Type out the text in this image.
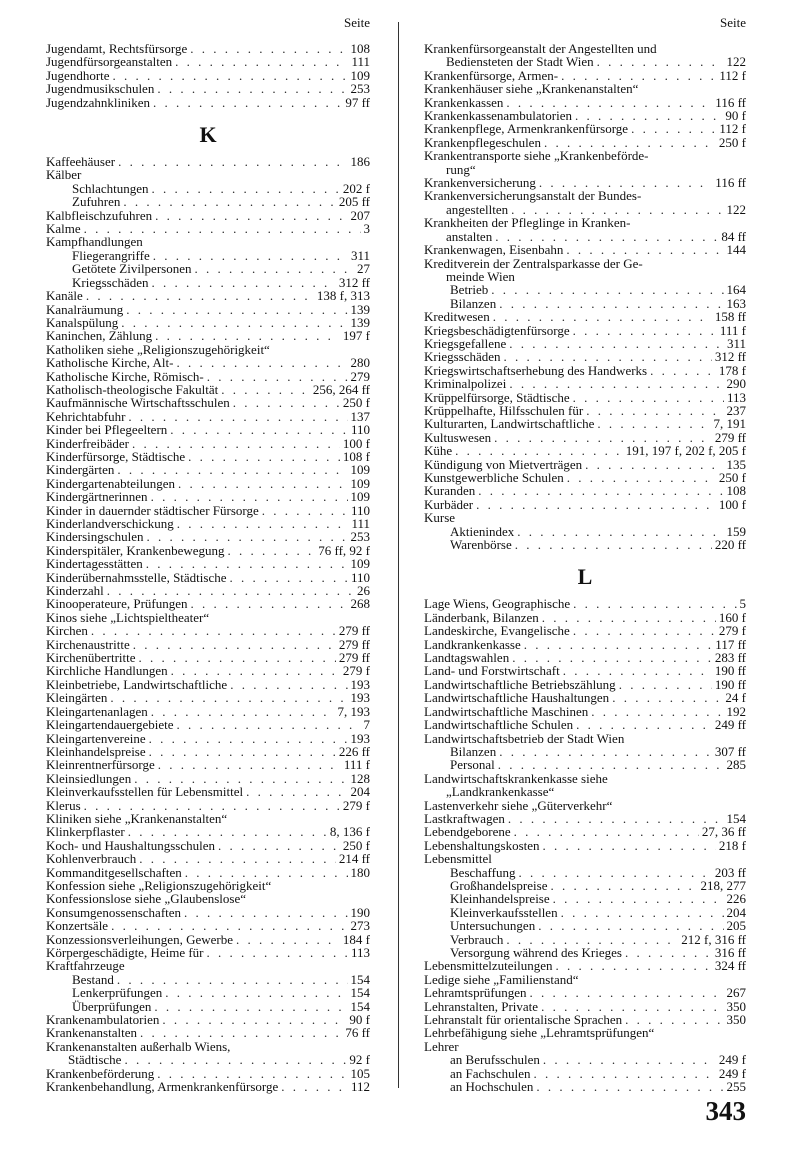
Seite
Jugendamt, Rechtsfürsorge . . .	108
Jugendfürsorgeanstalten . . .	111
Jugendhorte . . .	109
Jugendmusikschulen . . .	253
Jugendzahnkliniken . . .	97 ff
K
Kaffeehäuser . . .	186
Kälber
Schlachtungen . . .	202 f
Zufuhren . . .	205 ff
Kalbfleischzufuhren . . .	207
Kalme . . .	3
Kampfhandlungen
Fliegerangriffe . . .	311
Getötete Zivilpersonen . . .	27
Kriegsschäden . . .	312 ff
Kanäle . . .	138 f, 313
Kanalräumung . . .	139
Kanalspülung . . .	139
Kaninchen, Zählung . . .	197 f
Katholiken siehe „Religionszugehörigkeit“
Katholische Kirche, Alt- . . .	280
Katholische Kirche, Römisch- . . .	279
Katholisch-theologische Fakultät . . .	256, 264 ff
Kaufmännische Wirtschaftsschulen . . .	250 f
Kehrichtabfuhr . . .	137
Kinder bei Pflegeeltern . . .	110
Kinderfreibäder . . .	100 f
Kinderfürsorge, Städtische . . .	108 f
Kindergärten . . .	109
Kindergartenabteilungen . . .	109
Kindergärtnerinnen . . .	109
Kinder in dauernder städtischer Fürsorge . . .	110
Kinderlandverschickung . . .	111
Kindersingschulen . . .	253
Kinderspitäler, Krankenbewegung . . .	76 ff, 92 f
Kindertagesstätten . . .	109
Kinderübernahmsstelle, Städtische . . .	110
Kinderzahl . . .	26
Kinooperateure, Prüfungen . . .	268
Kinos siehe „Lichtspieltheater“
Kirchen . . .	279 ff
Kirchenaustritte . . .	279 ff
Kirchenübertritte . . .	279 ff
Kirchliche Handlungen . . .	279 f
Kleinbetriebe, Landwirtschaftliche . . .	193
Kleingärten . . .	193
Kleingartenanlagen . . .	7, 193
Kleingartendauergebiete . . .	7
Kleingartenvereine . . .	193
Kleinhandelspreise . . .	226 ff
Kleinrentnerfürsorge . . .	111 f
Kleinsiedlungen . . .	128
Kleinverkaufsstellen für Lebensmittel . . .	204
Klerus . . .	279 f
Kliniken siehe „Krankenanstalten“
Klinkerpflaster . . .	8, 136 f
Koch- und Haushaltungsschulen . . .	250 f
Kohlenverbrauch . . .	214 ff
Kommanditgesellschaften . . .	180
Konfession siehe „Religionszugehörigkeit“
Konfessionslose siehe „Glaubenslose“
Konsumgenossenschaften . . .	190
Konzertsäle . . .	273
Konzessionsverleihungen, Gewerbe . . .	184 f
Körpergeschädigte, Heime für . . .	113
Kraftfahrzeuge
Bestand . . .	154
Lenkerprüfungen . . .	154
Überprüfungen . . .	154
Krankenambulatorien . . .	90 f
Krankenanstalten . . .	76 ff
Krankenanstalten außerhalb Wiens,
Städtische . . .	92 f
Krankenbeförderung . . .	105
Krankenbehandlung, Armenkrankenfürsorge . . .	112
Seite
Krankenfürsorgeanstalt der Angestellten und
Bediensteten der Stadt Wien . . .	122
Krankenfürsorge, Armen- . . .	112 f
Krankenhäuser siehe „Krankenanstalten“
Krankenkassen . . .	116 ff
Krankenkassenambulatorien . . .	90 f
Krankenpflege, Armenkrankenfürsorge . . .	112 f
Krankenpflegeschulen . . .	250 f
Krankentransporte siehe „Krankenbeförde-
rung“
Krankenversicherung . . .	116 ff
Krankenversicherungsanstalt der Bundes-
angestellten . . .	122
Krankheiten der Pfleglinge in Kranken-
anstalten . . .	84 ff
Krankenwagen, Eisenbahn . . .	144
Kreditverein der Zentralsparkasse der Ge-
meinde Wien
Betrieb . . .	164
Bilanzen . . .	163
Kreditwesen . . .	158 ff
Kriegsbeschädigtenfürsorge . . .	111 f
Kriegsgefallene . . .	311
Kriegsschäden . . .	312 ff
Kriegswirtschaftserhebung des Handwerks . . .	178 f
Kriminalpolizei . . .	290
Krüppelfürsorge, Städtische . . .	113
Krüppelhafte, Hilfsschulen für . . .	237
Kulturarten, Landwirtschaftliche . . .	7, 191
Kultuswesen . . .	279 ff
Kühe . . .	191, 197 f, 202 f, 205 f
Kündigung von Mietverträgen . . .	135
Kunstgewerbliche Schulen . . .	250 f
Kuranden . . .	108
Kurbäder . . .	100 f
Kurse
Aktienindex . . .	159
Warenbörse . . .	220 ff
L
Lage Wiens, Geographische . . .	5
Länderbank, Bilanzen . . .	160 f
Landeskirche, Evangelische . . .	279 f
Landkrankenkasse . . .	117 ff
Landtagswahlen . . .	283 ff
Land- und Forstwirtschaft . . .	190 ff
Landwirtschaftliche Betriebszählung . . .	190 ff
Landwirtschaftliche Haushaltungen . . .	24 f
Landwirtschaftliche Maschinen . . .	192
Landwirtschaftliche Schulen . . .	249 ff
Landwirtschaftsbetrieb der Stadt Wien
Bilanzen . . .	307 ff
Personal . . .	285
Landwirtschaftskrankenkasse siehe
„Landkrankenkasse“
Lastenverkehr siehe „Güterverkehr“
Lastkraftwagen . . .	154
Lebendgeborene . . .	27, 36 ff
Lebenshaltungskosten . . .	218 f
Lebensmittel
Beschaffung . . .	203 ff
Großhandelspreise . . .	218, 277
Kleinhandelspreise . . .	226
Kleinverkaufsstellen . . .	204
Untersuchungen . . .	205
Verbrauch . . .	212 f, 316 ff
Versorgung während des Krieges . . .	316 ff
Lebensmittelzuteilungen . . .	324 ff
Ledige siehe „Familienstand“
Lehramtsprüfungen . . .	267
Lehranstalten, Private . . .	350
Lehranstalt für orientalische Sprachen . . .	350
Lehrbefähigung siehe „Lehramtsprüfungen“
Lehrer
an Berufsschulen . . .	249 f
an Fachschulen . . .	249 f
an Hochschulen . . .	255
343
